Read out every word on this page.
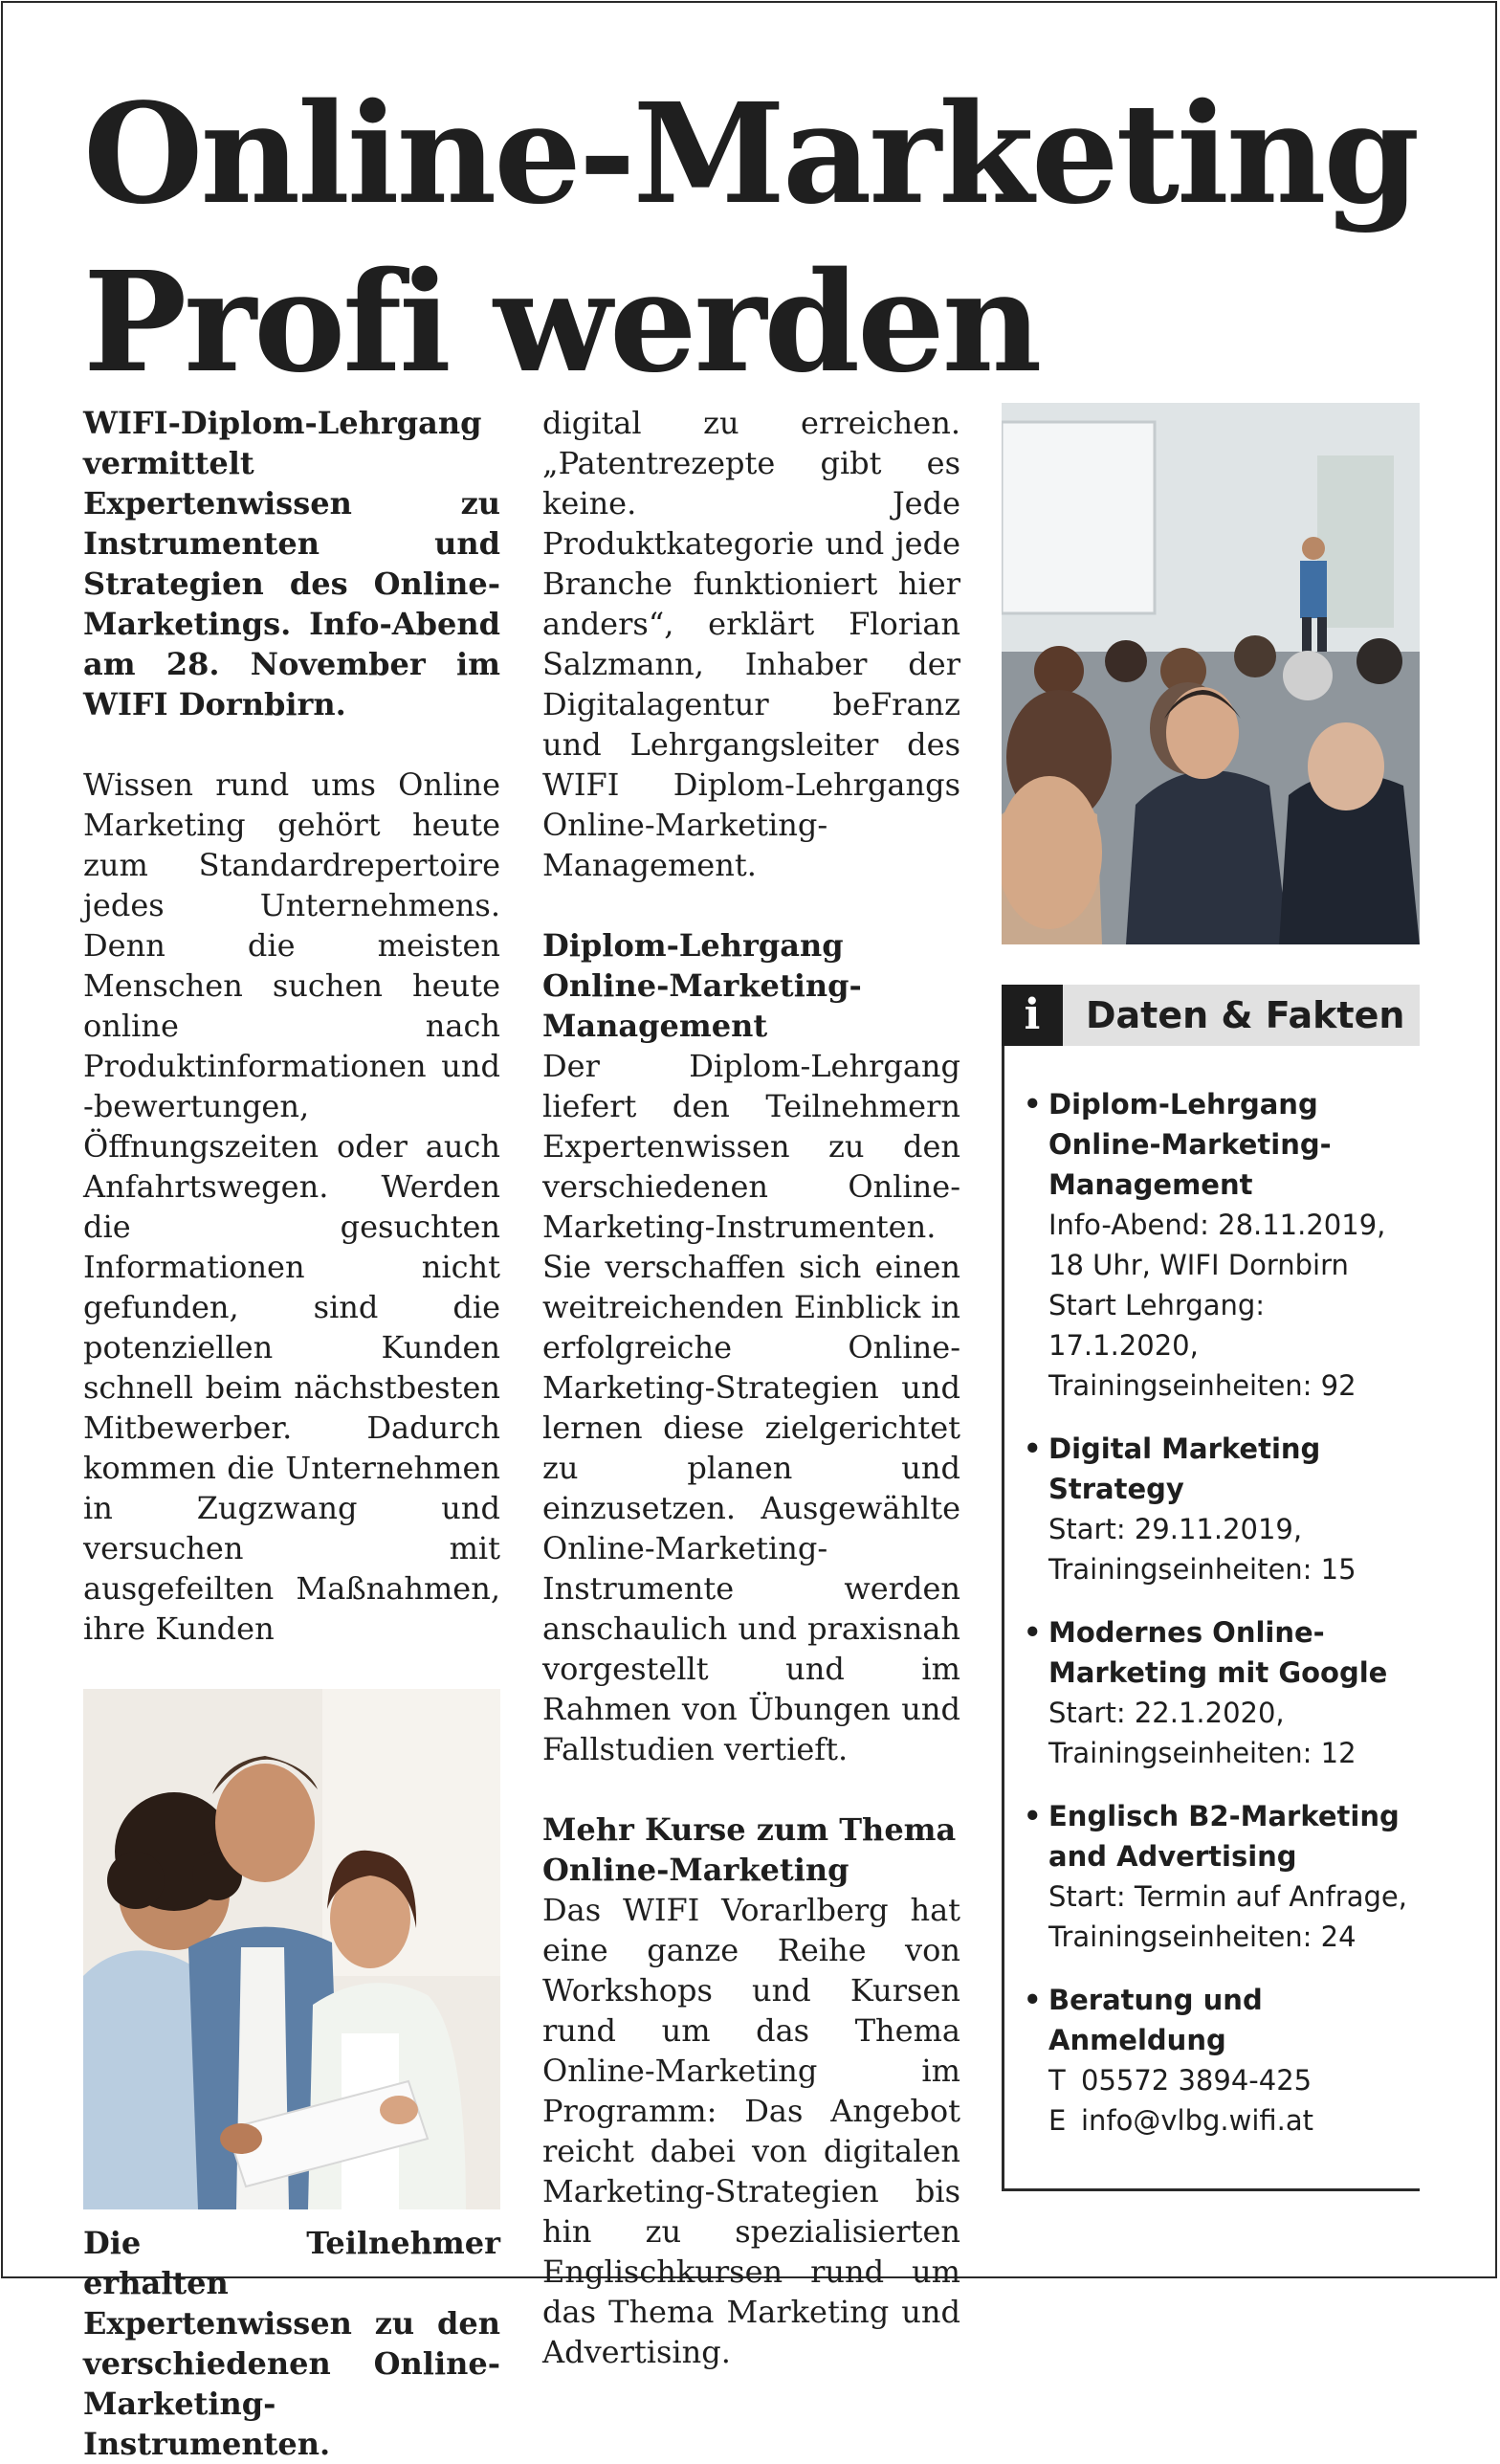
Online-Marketing
Profi werden

WIFI-Diplom-Lehrgang vermittelt Expertenwissen zu Instrumenten und Strategien des Online-Marketings. Info-Abend am 28. November im WIFI Dornbirn.

Wissen rund ums Online Marketing gehört heute zum Standardrepertoire jedes Unternehmens. Denn die meisten Menschen suchen heute online nach Produktinformationen und -bewertungen, Öffnungszeiten oder auch Anfahrtswegen. Werden die gesuchten Informationen nicht gefunden, sind die potenziellen Kunden schnell beim nächstbesten Mitbewerber. Dadurch kommen die Unternehmen in Zugzwang und versuchen mit ausgefeilten Maßnahmen, ihre Kunden

Die Teilnehmer erhalten Expertenwissen zu den verschiedenen Online-Marketing-Instrumenten.

digital zu erreichen. „Patentrezepte gibt es keine. Jede Produktkategorie und jede Branche funktioniert hier anders“, erklärt Florian Salzmann, Inhaber der Digitalagentur beFranz und Lehrgangsleiter des WIFI Diplom-Lehrgangs Online-Marketing-Management.

Diplom-Lehrgang Online-Marketing-Management

Der Diplom-Lehrgang liefert den Teilnehmern Expertenwissen zu den verschiedenen Online-Marketing-Instrumenten. Sie verschaffen sich einen weitreichenden Einblick in erfolgreiche Online-Marketing-Strategien und lernen diese zielgerichtet zu planen und einzusetzen. Ausgewählte Online-Marketing-Instrumente werden anschaulich und praxisnah vorgestellt und im Rahmen von Übungen und Fallstudien vertieft.

Mehr Kurse zum Thema Online-Marketing

Das WIFI Vorarlberg hat eine ganze Reihe von Workshops und Kursen rund um das Thema Online-Marketing im Programm: Das Angebot reicht dabei von digitalen Marketing-Strategien bis hin zu spezialisierten Englischkursen rund um das Thema Marketing und Advertising.

i	Daten & Fakten
• Diplom-Lehrgang Online-Marketing-Management
Info-Abend: 28.11.2019, 18 Uhr, WIFI Dornbirn Start Lehrgang: 17.1.2020, Trainingseinheiten: 92
• Digital Marketing Strategy
Start: 29.11.2019, Trainingseinheiten: 15
• Modernes Online-Marketing mit Google
Start: 22.1.2020, Trainingseinheiten: 12
• Englisch B2-Marketing and Advertising
Start: Termin auf Anfrage, Trainingseinheiten: 24
• Beratung und Anmeldung
T 05572 3894-425
E info@vlbg.wifi.at
